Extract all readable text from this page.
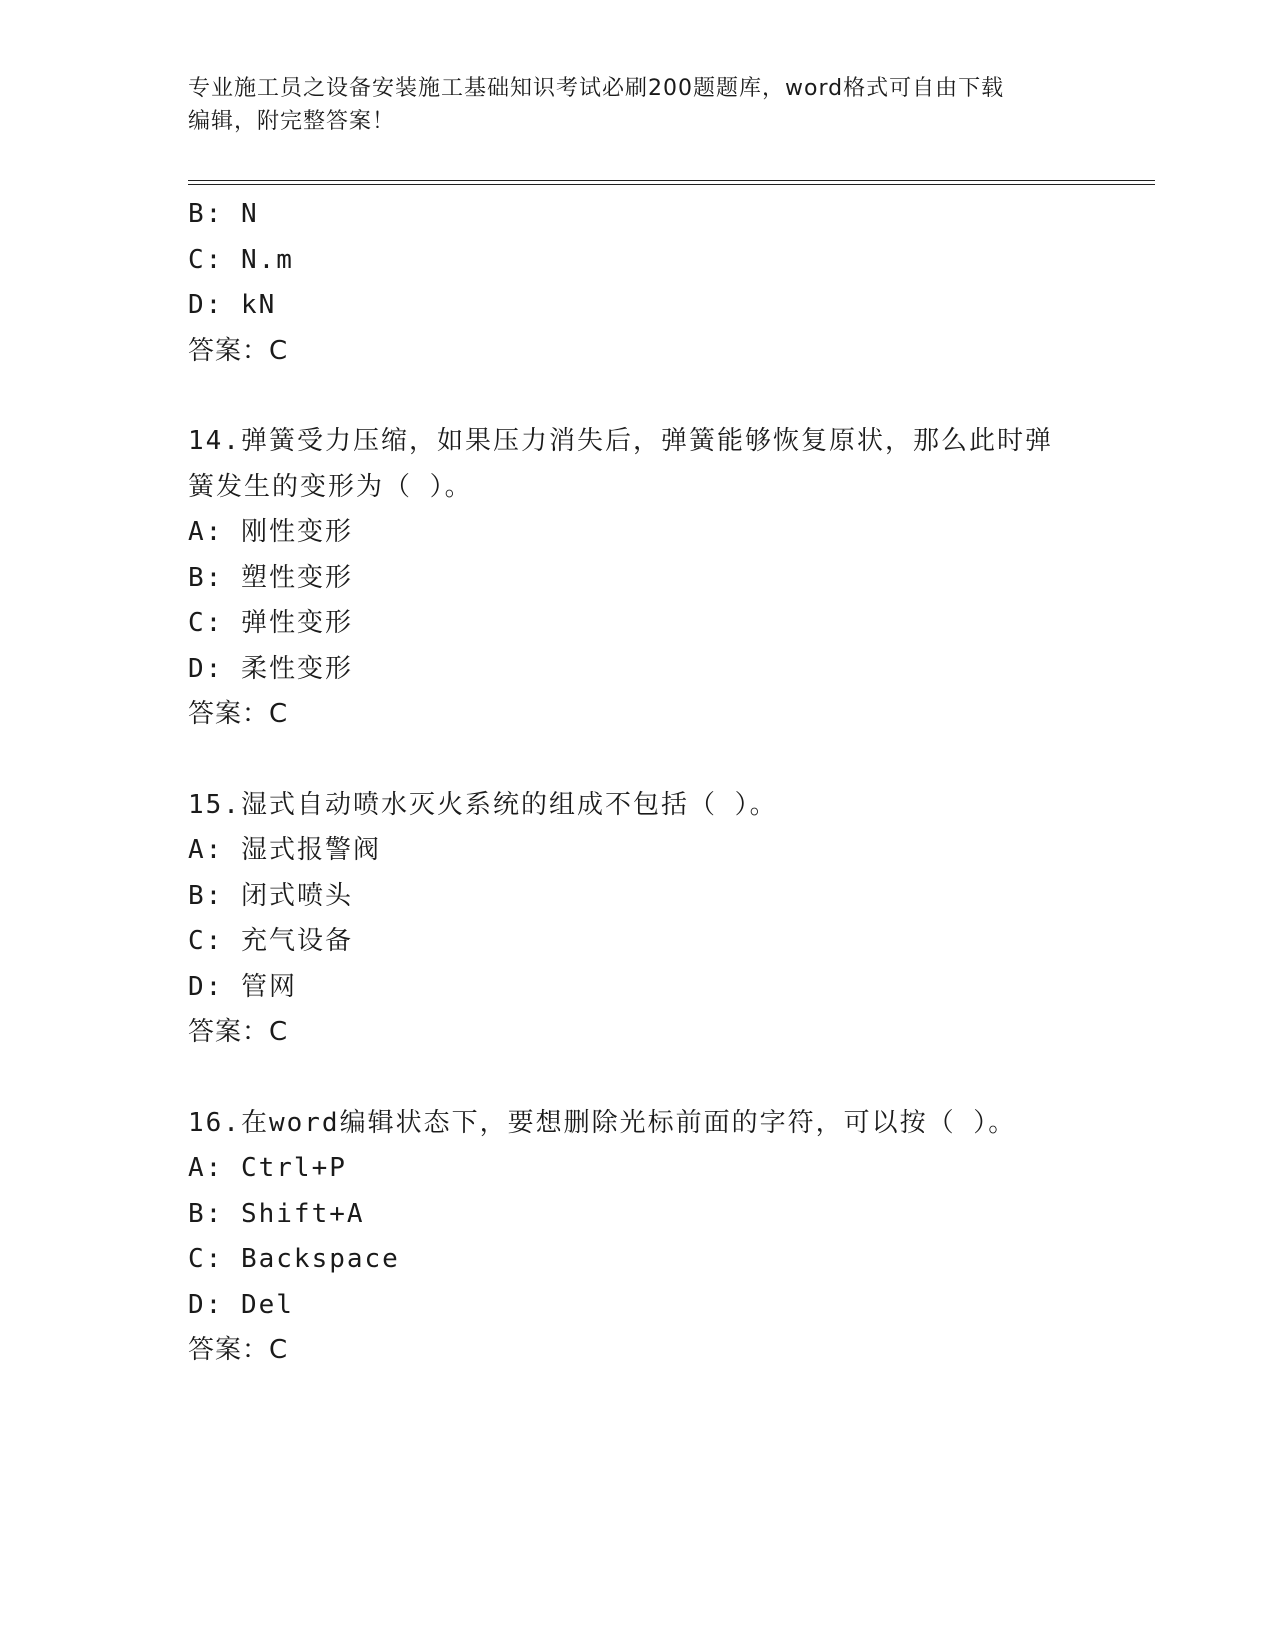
专业施工员之设备安装施工基础知识考试必刷200题题库，word格式可自由下载
编辑，附完整答案！
B: N
C: N.m
D: kN
答案：C
14.弹簧受力压缩，如果压力消失后，弹簧能够恢复原状，那么此时弹
簧发生的变形为（ ）。
A: 刚性变形
B: 塑性变形
C: 弹性变形
D: 柔性变形
答案：C
15.湿式自动喷水灭火系统的组成不包括（ ）。
A: 湿式报警阀
B: 闭式喷头
C: 充气设备
D: 管网
答案：C
16.在word编辑状态下，要想删除光标前面的字符，可以按（ ）。
A: Ctrl+P
B: Shift+A
C: Backspace
D: Del
答案：C
